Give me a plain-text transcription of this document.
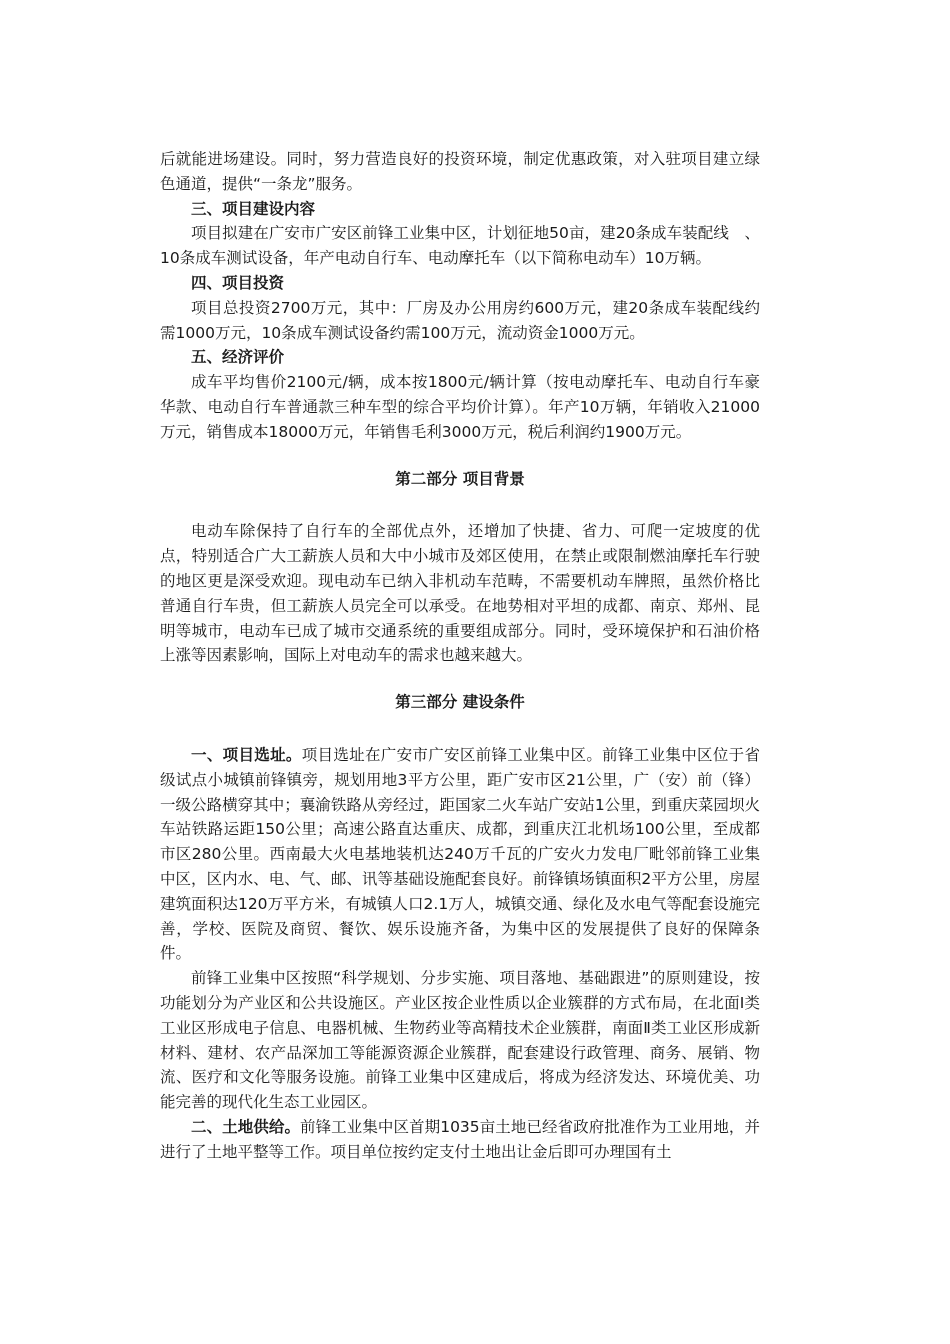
后就能进场建设。同时，努力营造良好的投资环境，制定优惠政策，对入驻项目建立绿色通道，提供“一条龙”服务。

三、项目建设内容

项目拟建在广安市广安区前锋工业集中区，计划征地50亩，建20条成车装配线　、10条成车测试设备，年产电动自行车、电动摩托车（以下简称电动车）10万辆。

四、项目投资

项目总投资2700万元，其中：厂房及办公用房约600万元，建20条成车装配线约需1000万元，10条成车测试设备约需100万元，流动资金1000万元。

五、经济评价

成车平均售价2100元/辆，成本按1800元/辆计算（按电动摩托车、电动自行车豪华款、电动自行车普通款三种车型的综合平均价计算）。年产10万辆，年销收入21000万元，销售成本18000万元，年销售毛利3000万元，税后利润约1900万元。

第二部分 项目背景

电动车除保持了自行车的全部优点外，还增加了快捷、省力、可爬一定坡度的优点，特别适合广大工薪族人员和大中小城市及郊区使用，在禁止或限制燃油摩托车行驶的地区更是深受欢迎。现电动车已纳入非机动车范畴，不需要机动车牌照，虽然价格比普通自行车贵，但工薪族人员完全可以承受。在地势相对平坦的成都、南京、郑州、昆明等城市，电动车已成了城市交通系统的重要组成部分。同时，受环境保护和石油价格上涨等因素影响，国际上对电动车的需求也越来越大。

第三部分 建设条件

一、项目选址。项目选址在广安市广安区前锋工业集中区。前锋工业集中区位于省级试点小城镇前锋镇旁，规划用地3平方公里，距广安市区21公里，广（安）前（锋）一级公路横穿其中；襄渝铁路从旁经过，距国家二火车站广安站1公里，到重庆菜园坝火车站铁路运距150公里；高速公路直达重庆、成都，到重庆江北机场100公里，至成都市区280公里。西南最大火电基地装机达240万千瓦的广安火力发电厂毗邻前锋工业集中区，区内水、电、气、邮、讯等基础设施配套良好。前锋镇场镇面积2平方公里，房屋建筑面积达120万平方米，有城镇人口2.1万人，城镇交通、绿化及水电气等配套设施完善，学校、医院及商贸、餐饮、娱乐设施齐备，为集中区的发展提供了良好的保障条件。

前锋工业集中区按照“科学规划、分步实施、项目落地、基础跟进”的原则建设，按功能划分为产业区和公共设施区。产业区按企业性质以企业簇群的方式布局，在北面Ⅰ类工业区形成电子信息、电器机械、生物药业等高精技术企业簇群，南面Ⅱ类工业区形成新材料、建材、农产品深加工等能源资源企业簇群，配套建设行政管理、商务、展销、物流、医疗和文化等服务设施。前锋工业集中区建成后，将成为经济发达、环境优美、功能完善的现代化生态工业园区。

二、土地供给。前锋工业集中区首期1035亩土地已经省政府批准作为工业用地，并进行了土地平整等工作。项目单位按约定支付土地出让金后即可办理国有土
